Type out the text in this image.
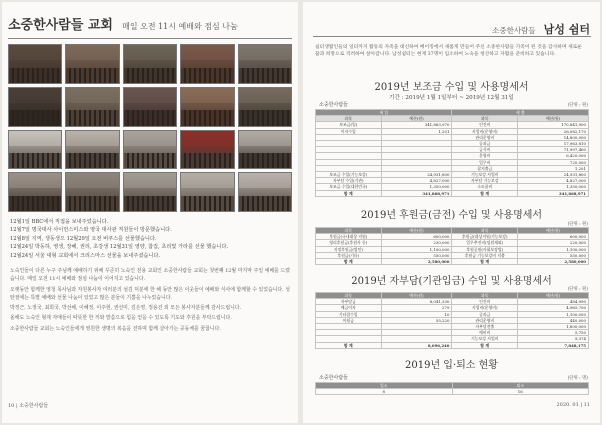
소중한사람들 교회 매일 오전 11시 예배와 점심 나눔
12월1일 BBC에서 직접을 보내주었습니다.
12월7일 명국대사 사이먼스미스와 영국 대사관 직원들이 방문했습니다.
12월8일 지역, 생동생으 12월29일 오전 버쿠스를 선물했습니다.
12월24일 박동하, 영생, 장혜, 권리, 초강생 12월31일 영양, 찹집, 초리빛 가라를 선물 했습니다.
12월24일 서울 대형 교회에서 크리스마스 선물을 보내주셨습니다.

노숙인들이 다른 누구 주님께 예배하기 위해 꾸준히 노숙인 전용 교회인 소중한사람들 교회는 첫번째 12월 마지막 주일 예배를 드렸습니다. 매일 오전 11시 예배와 점심 나눔이 이어지고 있습니다.

오랫동안 함께한 영청 목사님과 자원봉사자 여러분의 섬김 덕분에 한 해 동안 많은 이웃들이 예배와 식사에 함께할 수 있었습니다. 성탄절에는 특별 예배와 선물 나눔이 있었고 많은 분들이 기쁨을 나누었습니다.

박정근, 노정국, 최희국, 박선혜, 이혜정, 이주현, 권선미, 김은영, 정용진 외 모든 봉사자분들께 감사드립니다.

올해도 노숙인 형제 자매들이 따뜻한 한 끼와 말씀으로 힘을 얻을 수 있도록 기도와 후원을 부탁드립니다.

소중한사람들 교회는 노숙인들에게 영원한 생명의 복음을 전하며 함께 살아가는 공동체를 꿈꿉니다.

10 | 소중한사람들
소중한사람들 남성 쉼터
쉼터생활인들의 일터까지 활동의 자족을 대신하여 베이킹에서 새롭게 만들어 주신 소중한사람들 가족이 된 것을 감사하며 새로운 꿈과 희망으로 격려하여 살아갑니다. 남성쉼터는 현재 37명이 입소하여 노숙을 청산하고 자활을 준비하고 있습니다.
2019년 보조금 수입 및 사용명세서
기간 : 2019년 1월 1일부터 ~ 2019년 12월 31일
소중한사람들	(단위 : 원)
세 입		세 출	
과목	예산(원)	과목	예산(원)
보조금(입)	341,863,970	인건비	170,841,900
이자수입	1,201	사업비(운영비)	26,082,170
		관리운영비	14,800,000
		공과금	17,963,810
		급식비	71,997,460
		운영비	6,420,000
		업무비	720,000
		잡지출금	1,201
보조금 수입(기능보강)	24,931,800	기능보강 사업비	24,931,800
자부담 수입(기관)	4,827,000	자부담 기능보강	4,827,000
보조금 수입(대한민국)	1,350,000	소모품비	1,350,000
합 계	341,868,971	합 계	341,868,971
2019년 후원금(금전) 수입 및 사용명세서
(단위 : 원)
과목	예산(원)	과목	예산(원)
후원금(국내대상 지원)	600,000	후원금(대상지원/기능보강)	600,000
영리후원금(후원사 등)	230,000	업무추진비(임원제외)	220,000
지정후원금(법인)	1,100,000	후원공원(사회보장법)	1,100,000
후원금(기타)	550,000	후원금 기능보강비 지출	550,000
합 계	2,580,000	합 계	2,580,000
2019년 자부담(기관입금) 수입 및 사용명세서
(단위 : 원)
과목	예산(원)	과목	예산(원)
자부담금	8,041,330	인건비	484,990
예금이자	279	사업비(운영비)	4,965,700
기타잡수입	10	공과금	1,100,000
이월금	55,220	관리운영비	440,000
		자부담전출	1,800,000
		예비비	5,750
		기능보강 사업비	9,374
합 계	8,096,240	합 계	7,848,175
2019년 입·퇴소 현황
소중한사람들	(단위 : 명)
입소	퇴소
8	16
2020. 01 | 11
